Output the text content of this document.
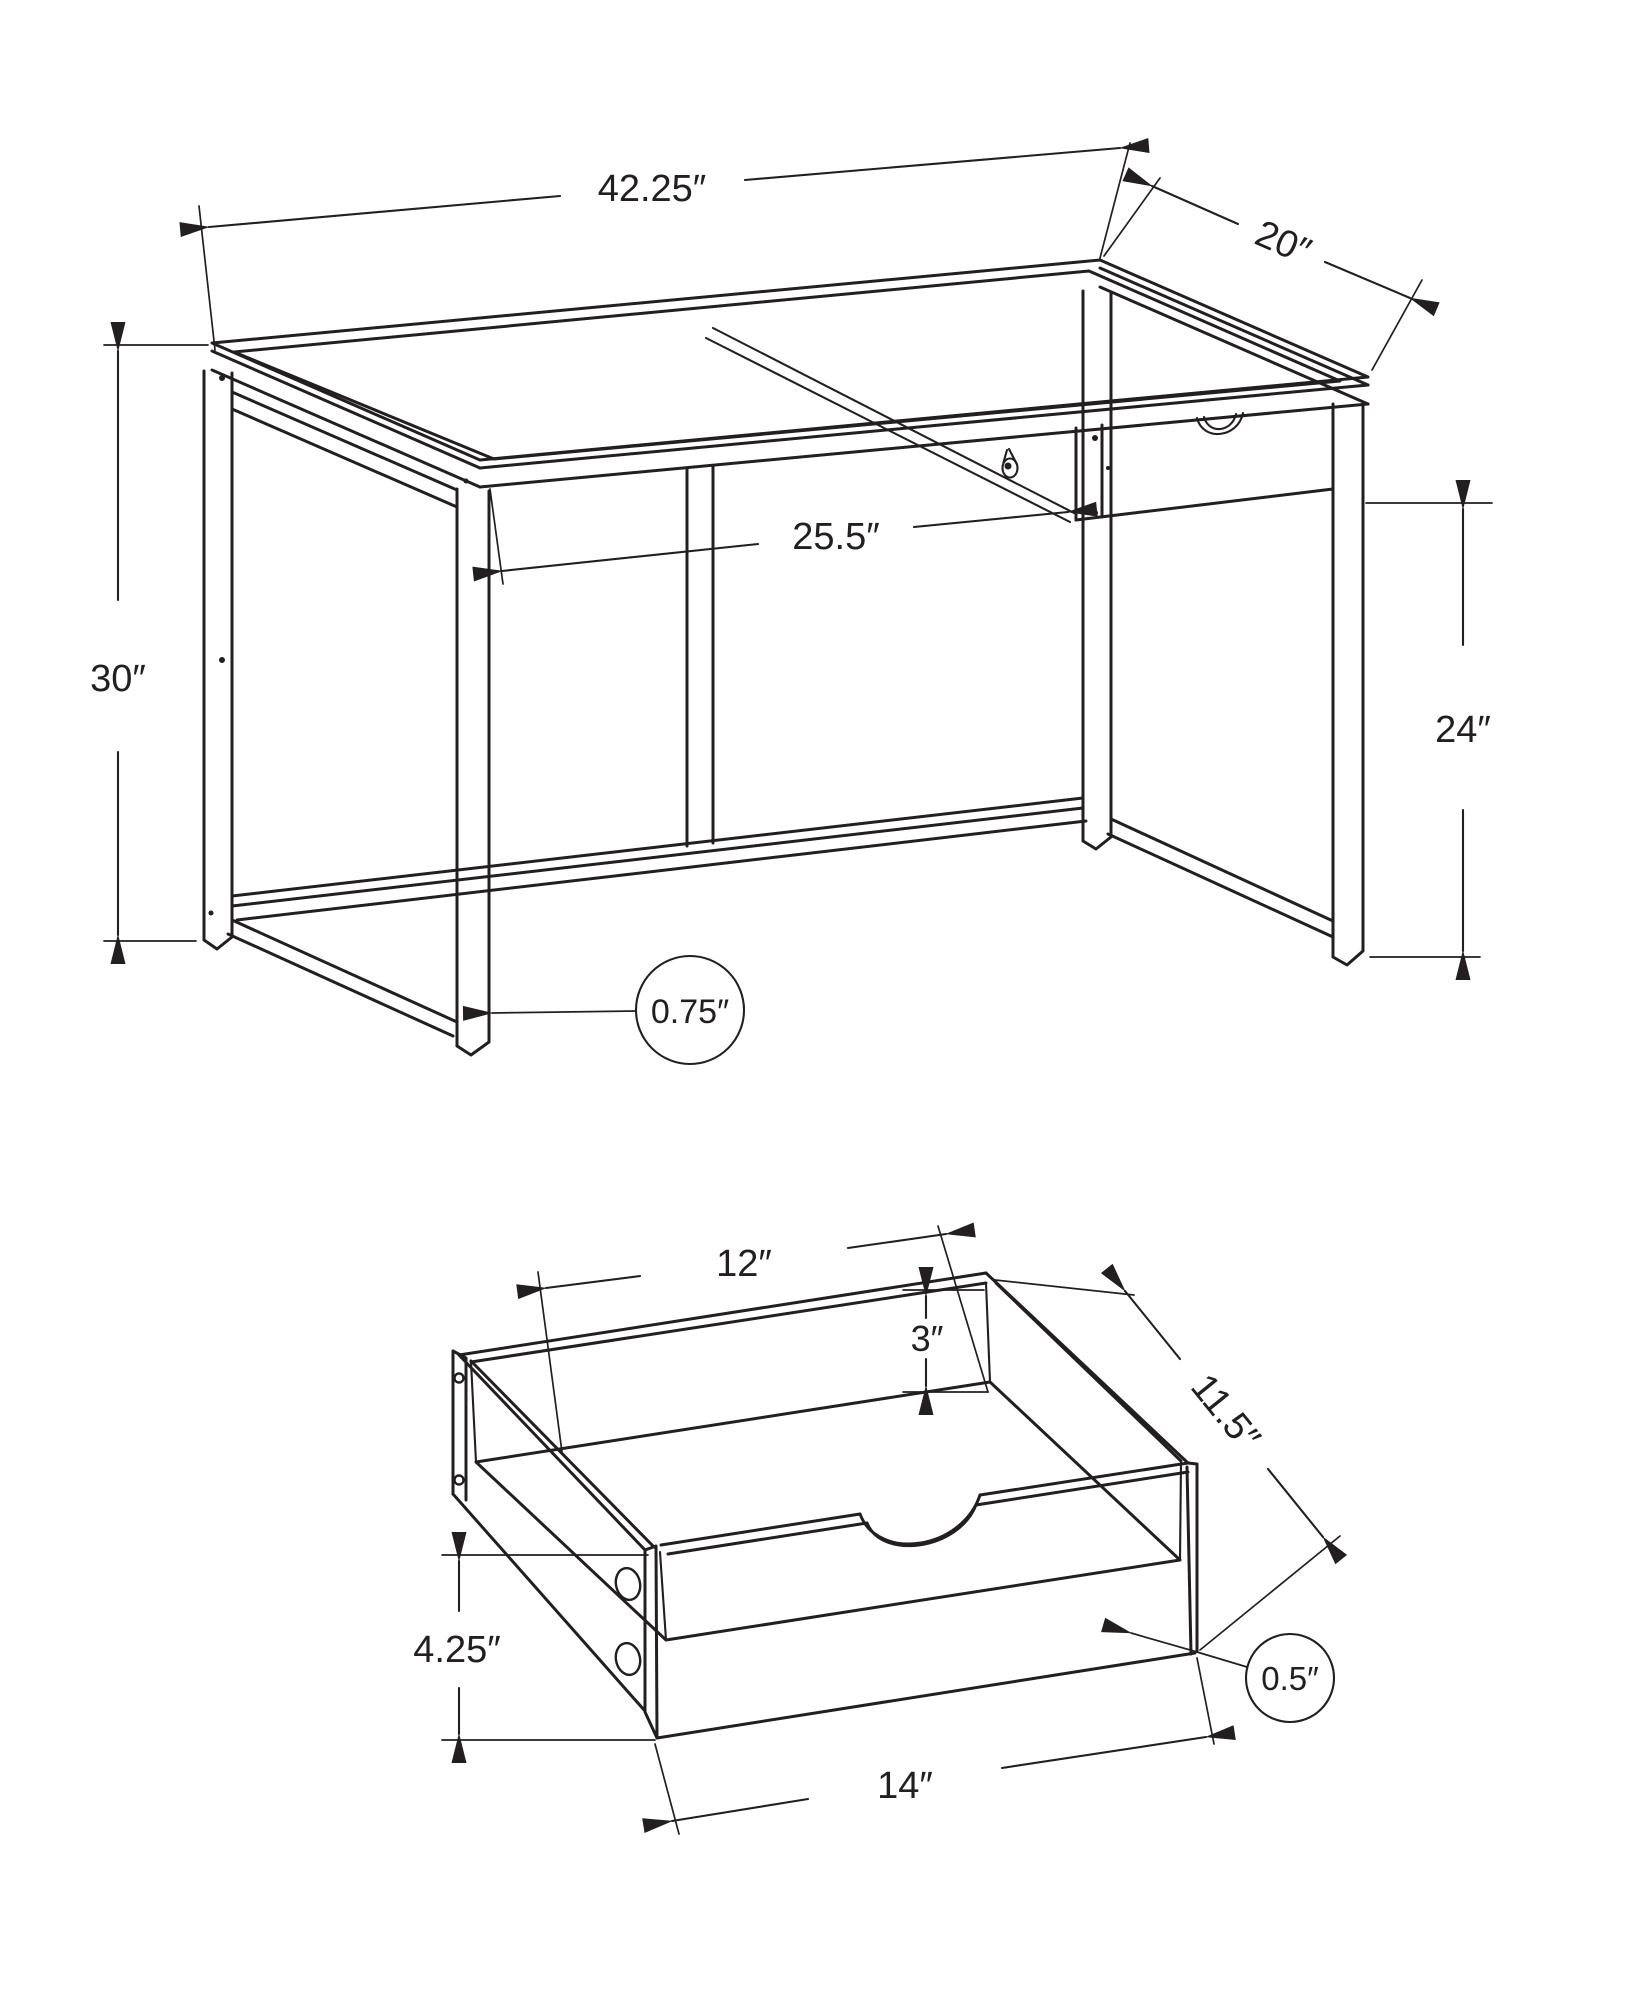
42.25″
20″
30″
24″
25.5″
0.75″
12″
3″
11.5″
4.25″
14″
0.5″
